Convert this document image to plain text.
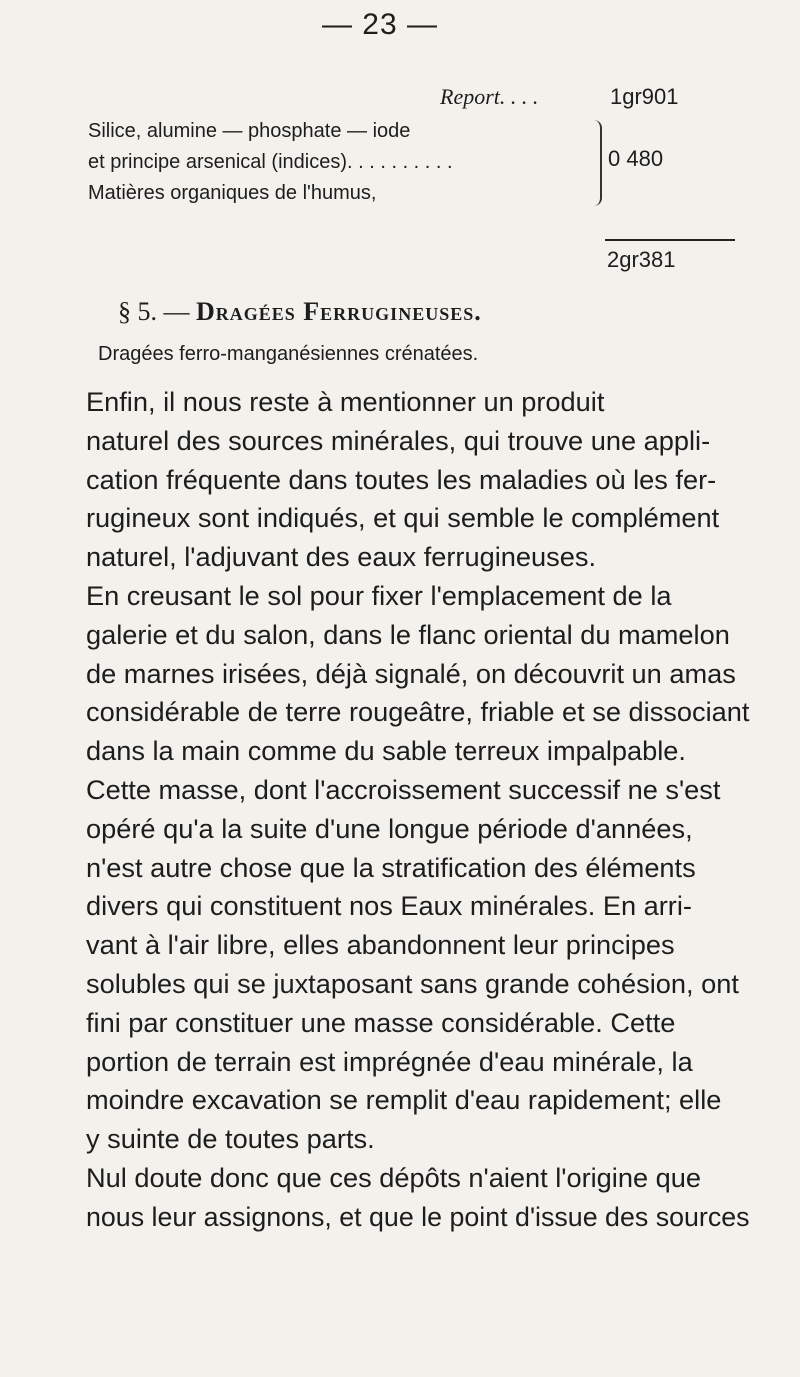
— 23 —
Report. . . .	1gr901
Silice, alumine — phosphate — iode
et principe arsenical (indices). . . . . . . . . .
Matières organiques de l'humus,
0 480
2gr381
§ 5. — Dragées Ferrugineuses.
Dragées ferro-manganésiennes crénatées.
Enfin, il nous reste à mentionner un produit
naturel des sources minérales, qui trouve une appli-
cation fréquente dans toutes les maladies où les fer-
rugineux sont indiqués, et qui semble le complément
naturel, l'adjuvant des eaux ferrugineuses.
En creusant le sol pour fixer l'emplacement de la
galerie et du salon, dans le flanc oriental du mamelon
de marnes irisées, déjà signalé, on découvrit un amas
considérable de terre rougeâtre, friable et se dissociant
dans la main comme du sable terreux impalpable.
Cette masse, dont l'accroissement successif ne s'est
opéré qu'a la suite d'une longue période d'années,
n'est autre chose que la stratification des éléments
divers qui constituent nos Eaux minérales. En arri-
vant à l'air libre, elles abandonnent leur principes
solubles qui se juxtaposant sans grande cohésion, ont
fini par constituer une masse considérable. Cette
portion de terrain est imprégnée d'eau minérale, la
moindre excavation se remplit d'eau rapidement; elle
y suinte de toutes parts.
Nul doute donc que ces dépôts n'aient l'origine que
nous leur assignons, et que le point d'issue des sources
